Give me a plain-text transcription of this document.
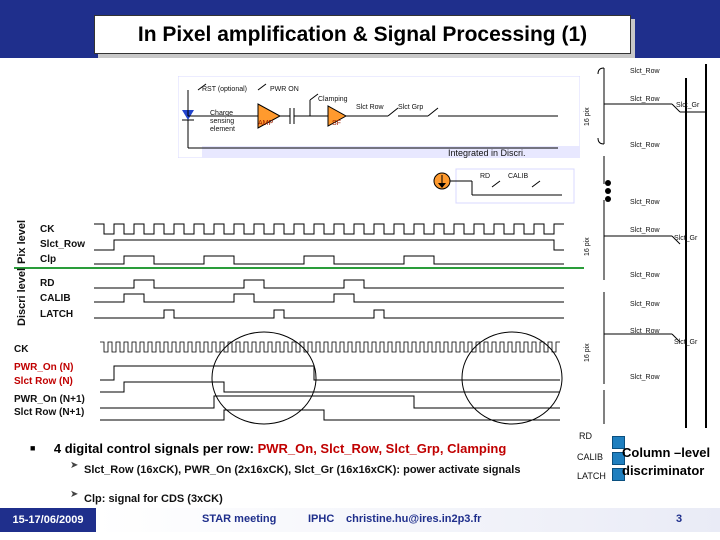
In Pixel amplification & Signal Processing (1)
RST (optional)	PWR ON
Clamping
Slct Row Slct Grp
AMP	SF
Charge
sensing
element
Integrated in Discri.
RD	CALIB
Slct_Row
Slct_Row
Slct_Gr
Slct_Row
Slct_Row
Slct_Row
Slct_Gr
Slct_Row
Slct_Row
Slct_Row
Slct_Gr
Slct_Row
16 pix
16 pix
16 pix
Pix level
Discri level
CK
Slct_Row
Clp
RD
CALIB
LATCH
CK
PWR_On (N)
Slct Row (N)
PWR_On (N+1)
Slct Row (N+1)
■ 4 digital control signals per row: PWR_On, Slct_Row, Slct_Grp, Clamping
➤ Slct_Row (16xCK), PWR_On (2x16xCK), Slct_Gr (16x16xCK): power activate signals
➤ Clp: signal for CDS (3xCK)
RD
CALIB
LATCH
Column –level discriminator
15-17/06/2009	STAR meeting	IPHC christine.hu@ires.in2p3.fr	3
